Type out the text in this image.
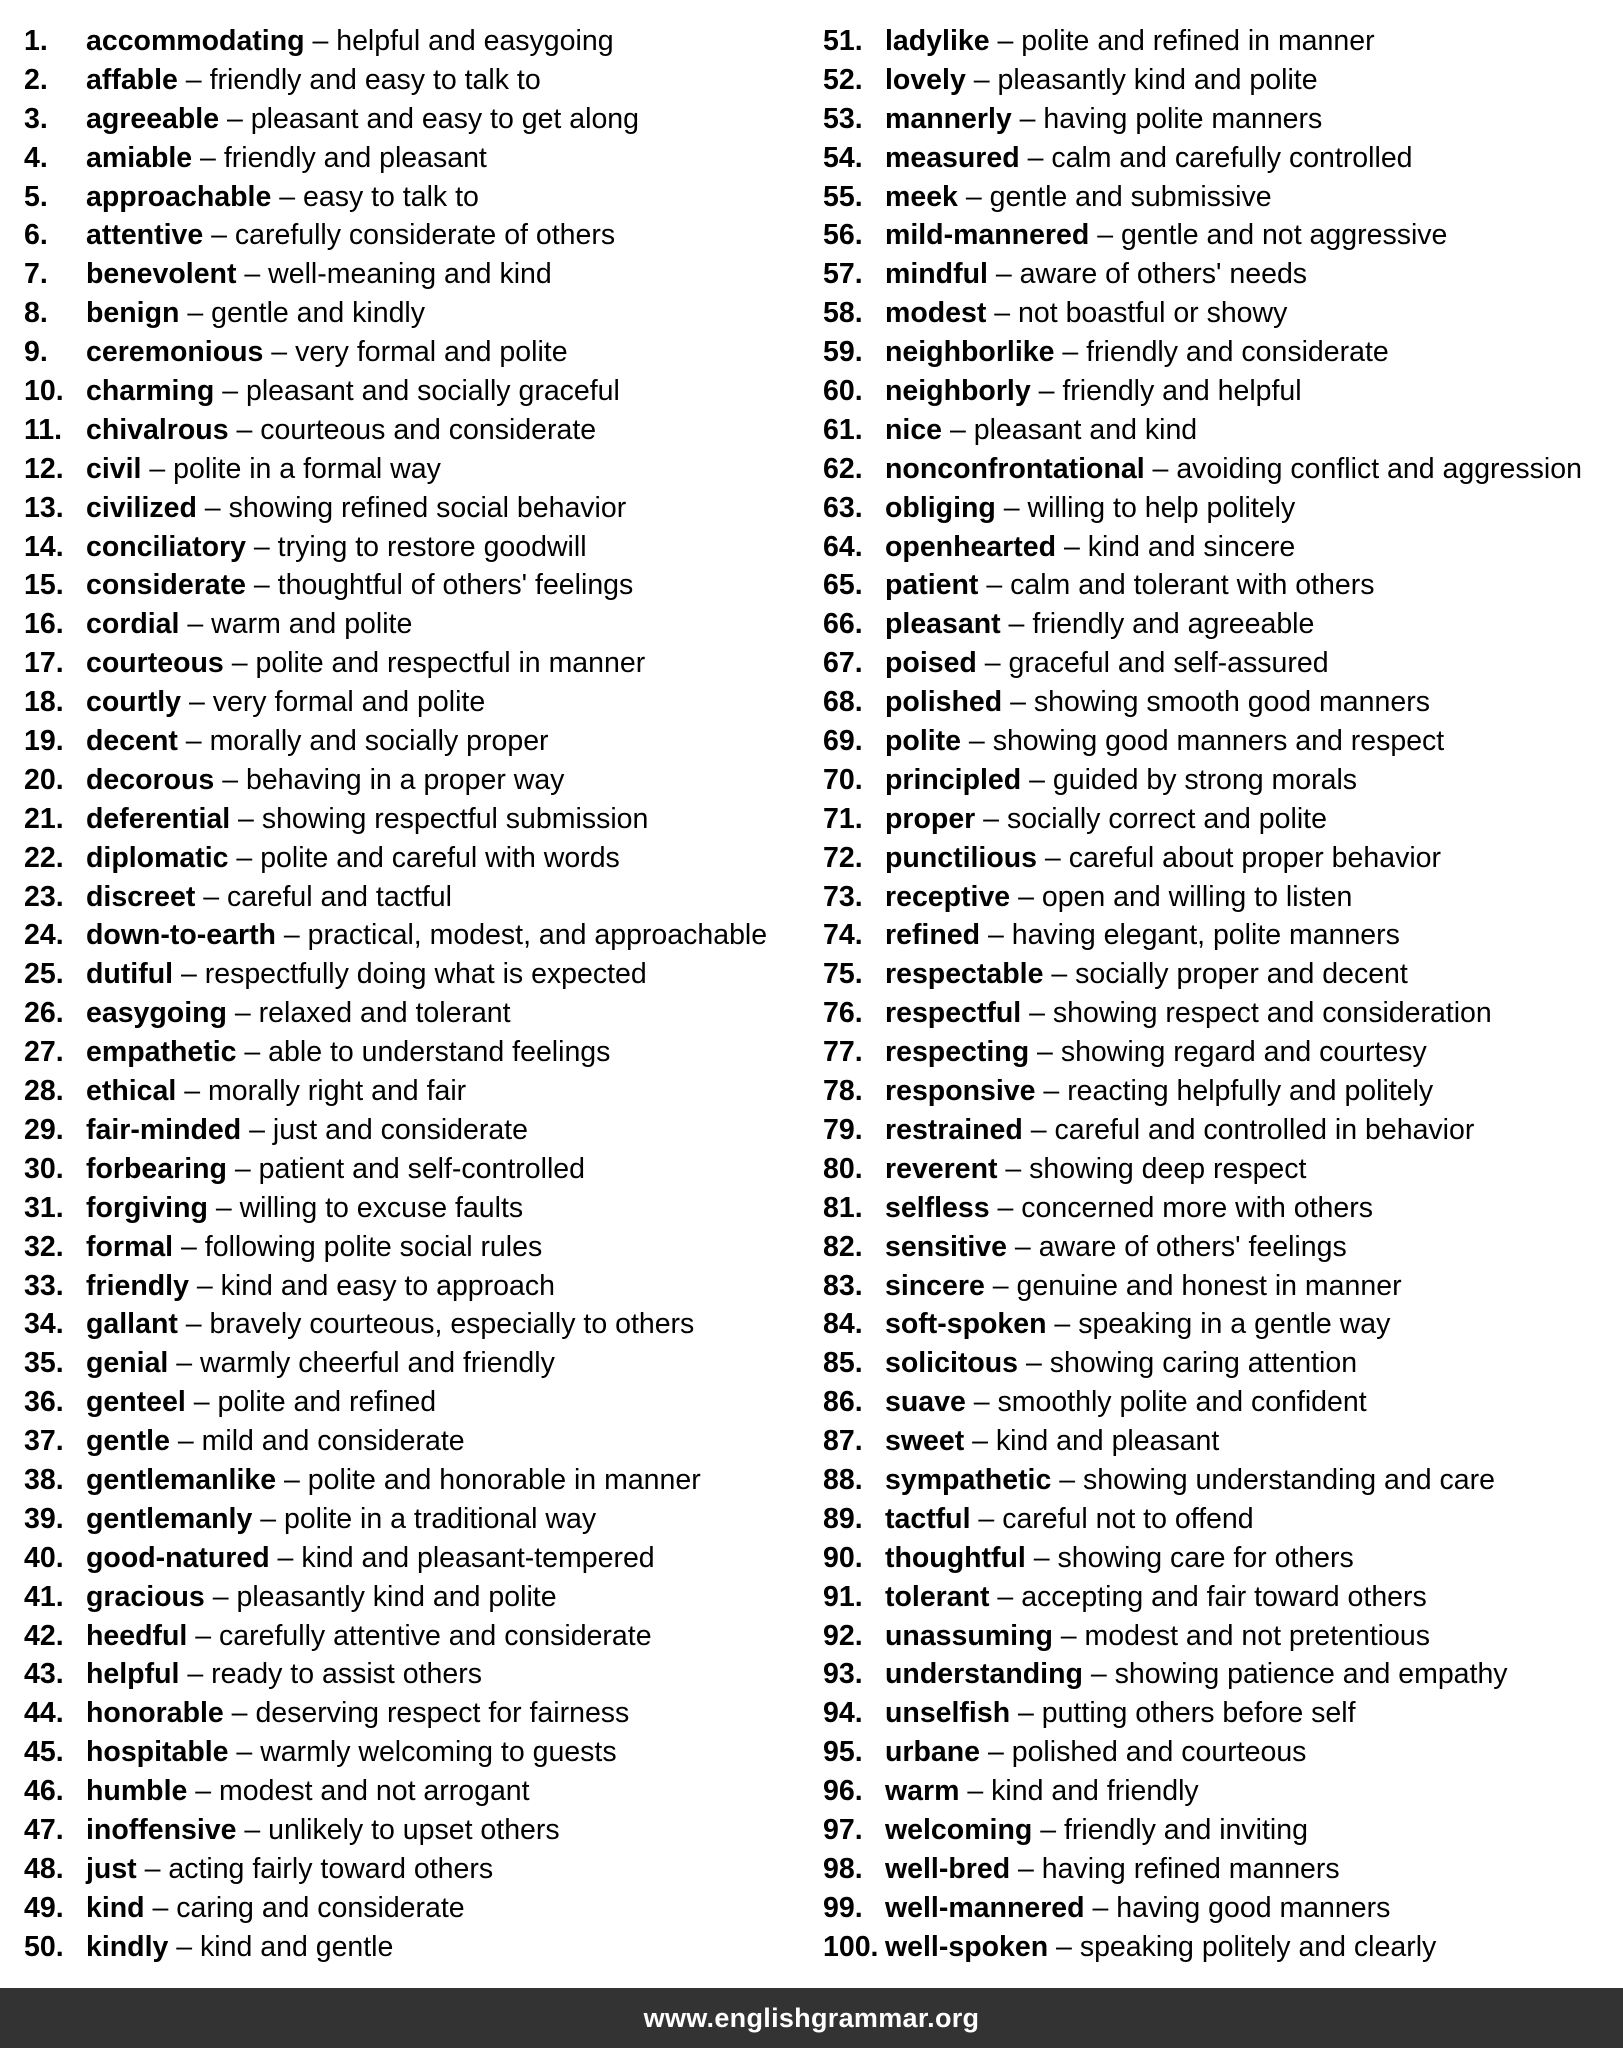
1.	accommodating – helpful and easygoing
2.	affable – friendly and easy to talk to
3.	agreeable – pleasant and easy to get along
4.	amiable – friendly and pleasant
5.	approachable – easy to talk to
6.	attentive – carefully considerate of others
7.	benevolent – well-meaning and kind
8.	benign – gentle and kindly
9.	ceremonious – very formal and polite
10. charming – pleasant and socially graceful
11. chivalrous – courteous and considerate
12. civil – polite in a formal way
13. civilized – showing refined social behavior
14. conciliatory – trying to restore goodwill
15. considerate – thoughtful of others' feelings
16. cordial – warm and polite
17. courteous – polite and respectful in manner
18. courtly – very formal and polite
19. decent – morally and socially proper
20. decorous – behaving in a proper way
21. deferential – showing respectful submission
22. diplomatic – polite and careful with words
23. discreet – careful and tactful
24. down-to-earth – practical, modest, and approachable
25. dutiful – respectfully doing what is expected
26. easygoing – relaxed and tolerant
27. empathetic – able to understand feelings
28. ethical – morally right and fair
29. fair-minded – just and considerate
30. forbearing – patient and self-controlled
31. forgiving – willing to excuse faults
32. formal – following polite social rules
33. friendly – kind and easy to approach
34. gallant – bravely courteous, especially to others
35. genial – warmly cheerful and friendly
36. genteel – polite and refined
37. gentle – mild and considerate
38. gentlemanlike – polite and honorable in manner
39. gentlemanly – polite in a traditional way
40. good-natured – kind and pleasant-tempered
41. gracious – pleasantly kind and polite
42. heedful – carefully attentive and considerate
43. helpful – ready to assist others
44. honorable – deserving respect for fairness
45. hospitable – warmly welcoming to guests
46. humble – modest and not arrogant
47. inoffensive – unlikely to upset others
48. just – acting fairly toward others
49. kind – caring and considerate
50. kindly – kind and gentle
51. ladylike – polite and refined in manner
52. lovely – pleasantly kind and polite
53. mannerly – having polite manners
54. measured – calm and carefully controlled
55. meek – gentle and submissive
56. mild-mannered – gentle and not aggressive
57. mindful – aware of others' needs
58. modest – not boastful or showy
59. neighborlike – friendly and considerate
60. neighborly – friendly and helpful
61. nice – pleasant and kind
62. nonconfrontational – avoiding conflict and aggression
63. obliging – willing to help politely
64. openhearted – kind and sincere
65. patient – calm and tolerant with others
66. pleasant – friendly and agreeable
67. poised – graceful and self-assured
68. polished – showing smooth good manners
69. polite – showing good manners and respect
70. principled – guided by strong morals
71. proper – socially correct and polite
72. punctilious – careful about proper behavior
73. receptive – open and willing to listen
74. refined – having elegant, polite manners
75. respectable – socially proper and decent
76. respectful – showing respect and consideration
77. respecting – showing regard and courtesy
78. responsive – reacting helpfully and politely
79. restrained – careful and controlled in behavior
80. reverent – showing deep respect
81. selfless – concerned more with others
82. sensitive – aware of others' feelings
83. sincere – genuine and honest in manner
84. soft-spoken – speaking in a gentle way
85. solicitous – showing caring attention
86. suave – smoothly polite and confident
87. sweet – kind and pleasant
88. sympathetic – showing understanding and care
89. tactful – careful not to offend
90. thoughtful – showing care for others
91. tolerant – accepting and fair toward others
92. unassuming – modest and not pretentious
93. understanding – showing patience and empathy
94. unselfish – putting others before self
95. urbane – polished and courteous
96. warm – kind and friendly
97. welcoming – friendly and inviting
98. well-bred – having refined manners
99. well-mannered – having good manners
100. well-spoken – speaking politely and clearly
www.englishgrammar.org
